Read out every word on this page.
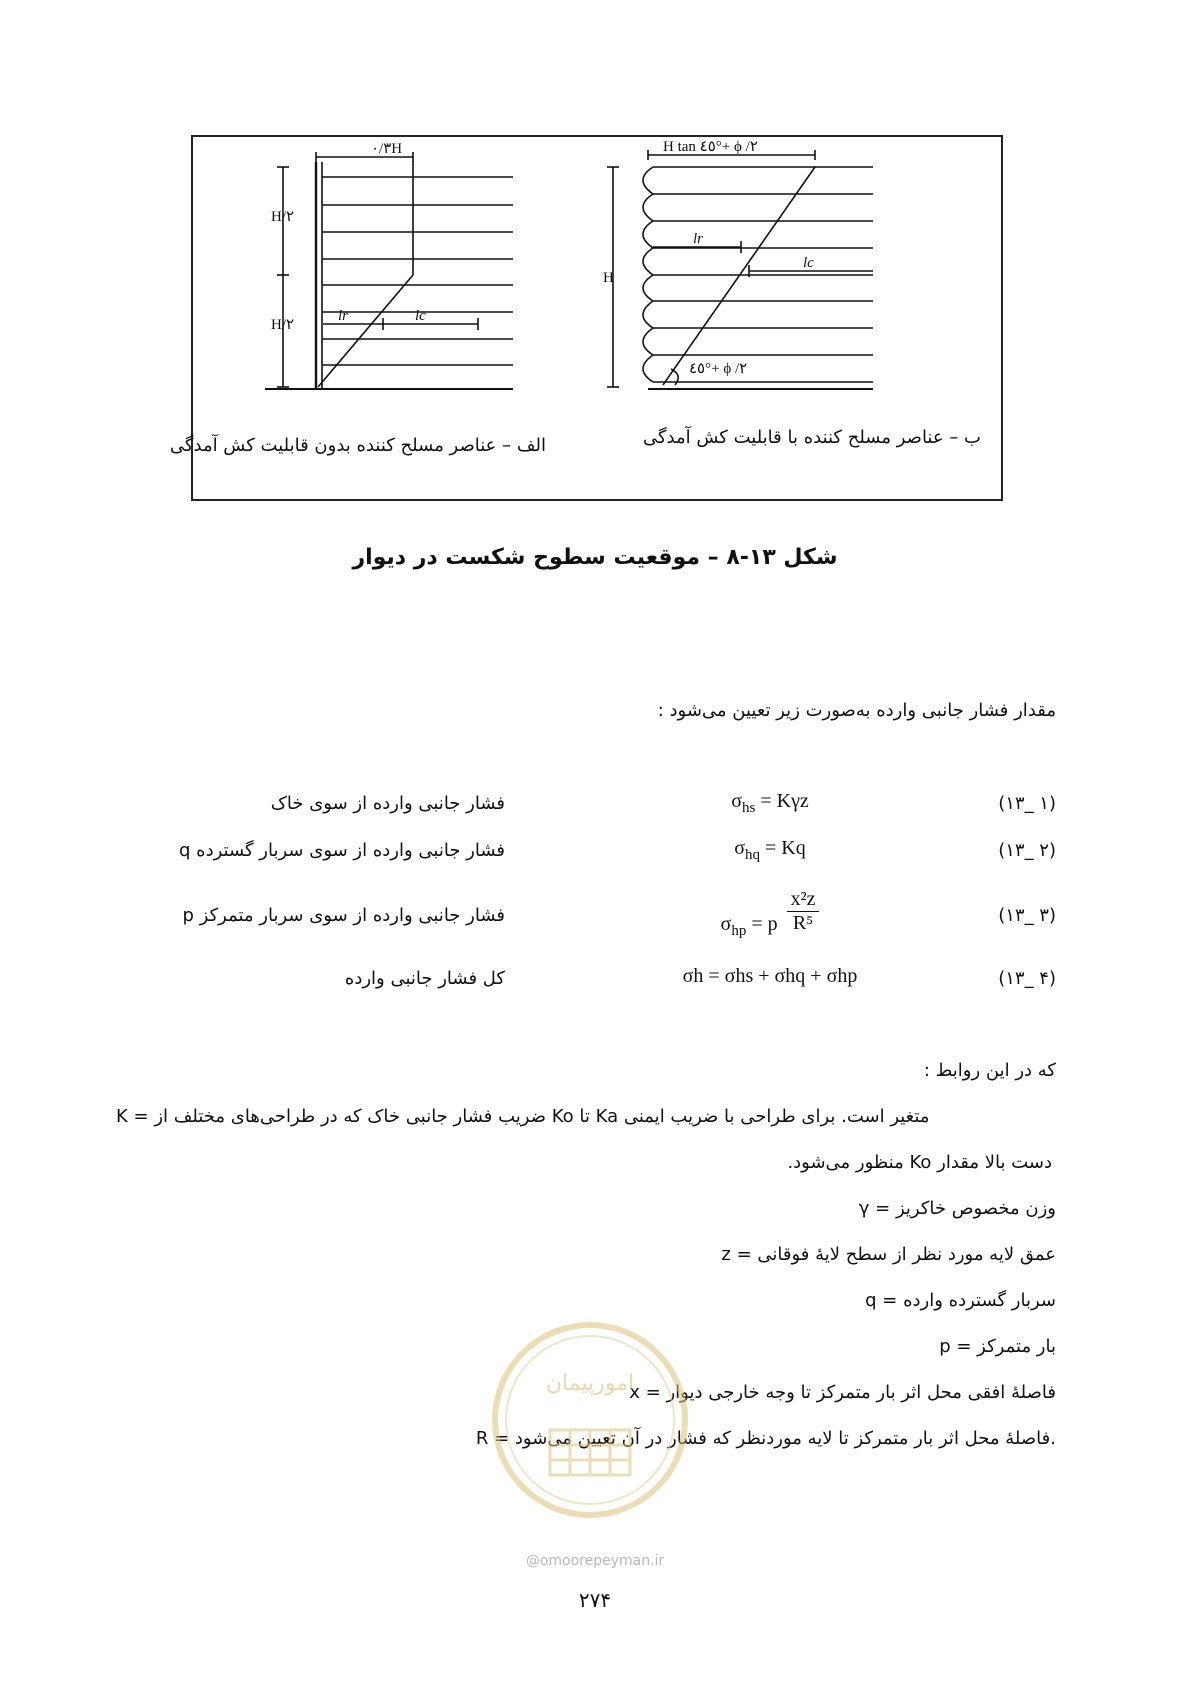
۰/۳H
H/۲
H/۲
lr	lc
H tan ٤٥°+ ϕ /٢
H
lr
lc
٤٥°+ ϕ /٢
الف – عناصر مسلح كننده بدون قابليت كش آمدگی	ب – عناصر مسلح كننده با قابليت كش آمدگی
شکل ۱۳-۸ – موقعیت سطوح شکست در دیوار
مقدار فشار جانبی وارده به‌صورت زیر تعیین می‌شود :
(۱۳_ ۱)
$\sigma_{hs} = K\gamma z$
فشار جانبی وارده از سوی خاک
(۱۳_ ۲)
$\sigma_{hq} = Kq$
فشار جانبی وارده از سوی سربار گسترده q
(۱۳_ ۳)
$\sigma_{hp} = p \frac{\text{x²z}}{\text{R⁵}}$
فشار جانبی وارده از سوی سربار متمرکز p
(۱۳_ ۴)
σh = σhs + σhq + σhp
کل فشار جانبی وارده
که در این روابط :
K = ضریب فشار جانبی خاک که در طراحی‌های مختلف از Ko تا Ka متغیر است. برای طراحی با ضریب ایمنی
دست بالا مقدار Ko منظور می‌شود.
γ = وزن مخصوص خاکریز
z = عمق لایه مورد نظر از سطح لایۀ فوقانی
q = سربار گسترده وارده
p = بار متمرکز
x = فاصلۀ افقی محل اثر بار متمرکز تا وجه خارجی دیوار
R = فاصلۀ محل اثر بار متمرکز تا لایه موردنظر که فشار در آن تعیین می‌شود.
امورپیمان
@omoorepeyman.ir
۲۷۴
